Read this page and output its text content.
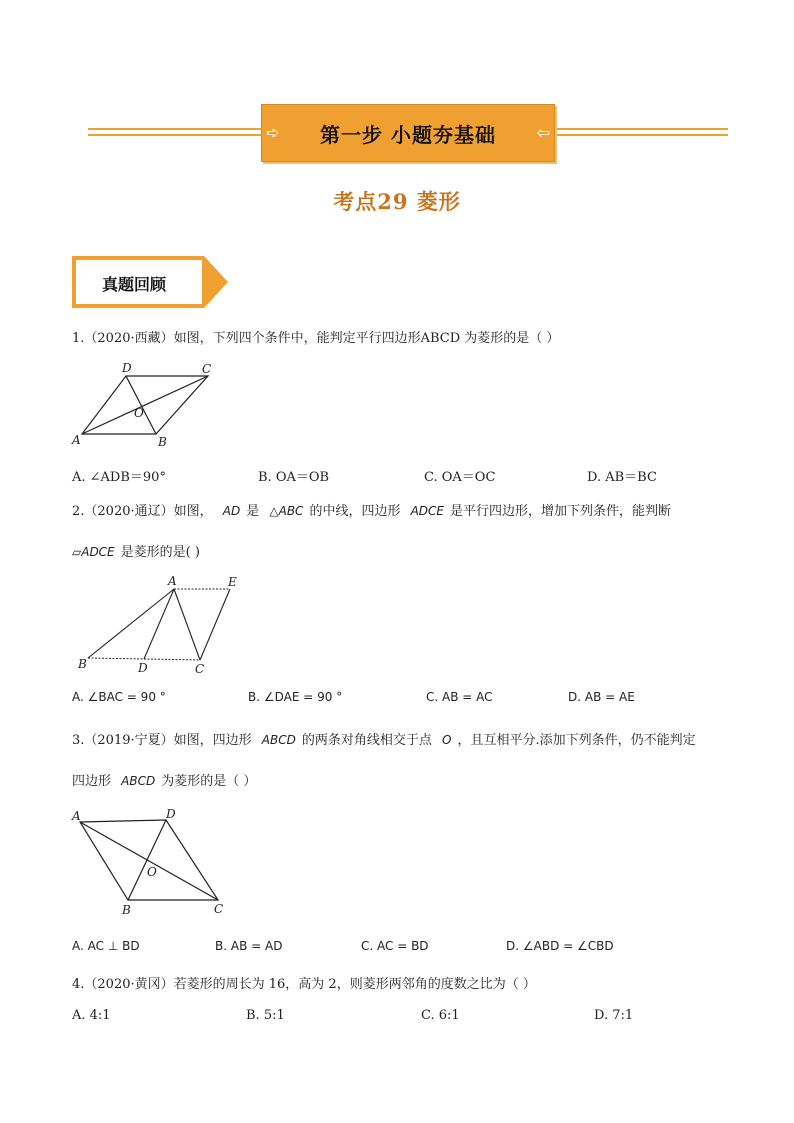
➪	第一步 小题夯基础	⇦
考点29 菱形
真题回顾
1.（2020·西藏）如图，下列四个条件中，能判定平行四边形ABCD 为菱形的是（ ）
A	B
C
D
O
A. ∠ADB＝90°	B. OA＝OB	C. OA＝OC	D. AB＝BC
2.（2020·通辽）如图， AD 是 △ABC 的中线，四边形 ADCE 是平行四边形，增加下列条件，能判断
▱ADCE 是菱形的是( )
A	E
B	D	C
A. ∠BAC = 90 °	B. ∠DAE = 90 °	C. AB = AC	D. AB = AE
3.（2019·宁夏）如图，四边形 ABCD 的两条对角线相交于点 O ，且互相平分.添加下列条件，仍不能判定
四边形 ABCD 为菱形的是（ ）
A	D
O
B	C
A. AC ⊥ BD	B. AB = AD	C. AC = BD	D. ∠ABD = ∠CBD
4.（2020·黄冈）若菱形的周长为 16，高为 2，则菱形两邻角的度数之比为（ ）
A. 4:1	B. 5:1	C. 6:1	D. 7:1
